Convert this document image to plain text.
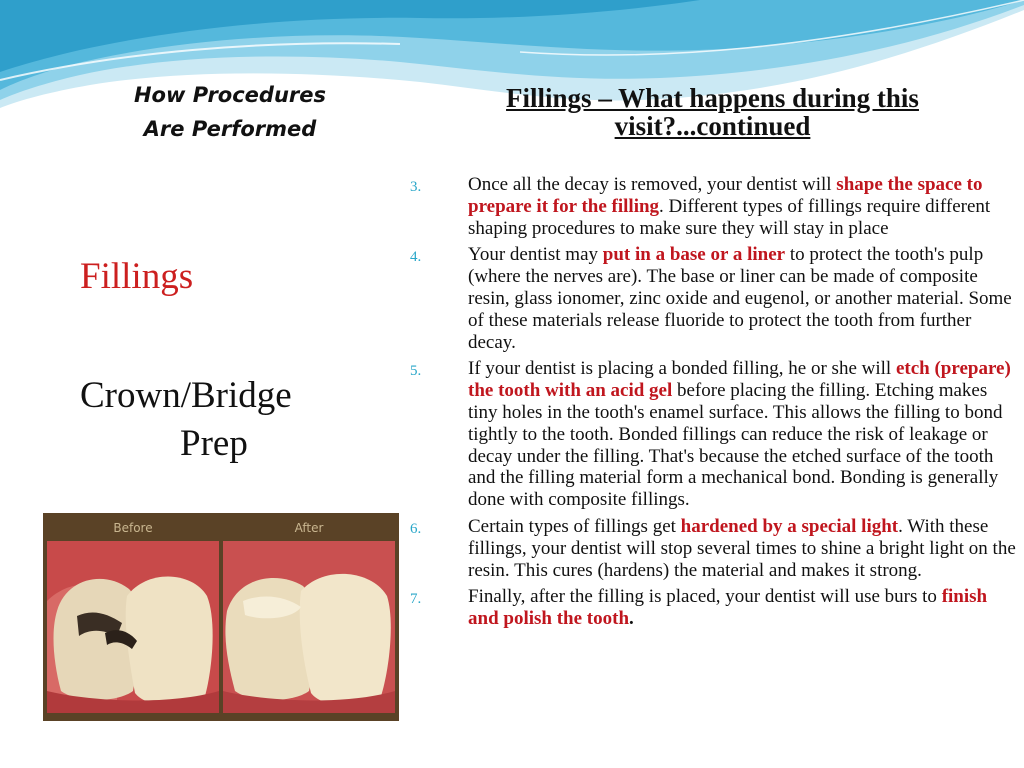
How Procedures
Are Performed
Fillings
Crown/Bridge
Prep
Before	After
Fillings – What happens during this visit?...continued
3. Once all the decay is removed, your dentist will shape the space to prepare it for the filling. Different types of fillings require different shaping procedures to make sure they will stay in place
4. Your dentist may put in a base or a liner to protect the tooth's pulp (where the nerves are). The base or liner can be made of composite resin, glass ionomer, zinc oxide and eugenol, or another material. Some of these materials release fluoride to protect the tooth from further decay.
5. If your dentist is placing a bonded filling, he or she will etch (prepare) the tooth with an acid gel before placing the filling. Etching makes tiny holes in the tooth's enamel surface. This allows the filling to bond tightly to the tooth. Bonded fillings can reduce the risk of leakage or decay under the filling. That's because the etched surface of the tooth and the filling material form a mechanical bond. Bonding is generally done with composite fillings.
6. Certain types of fillings get hardened by a special light. With these fillings, your dentist will stop several times to shine a bright light on the resin. This cures (hardens) the material and makes it strong.
7. Finally, after the filling is placed, your dentist will use burs to finish and polish the tooth.
